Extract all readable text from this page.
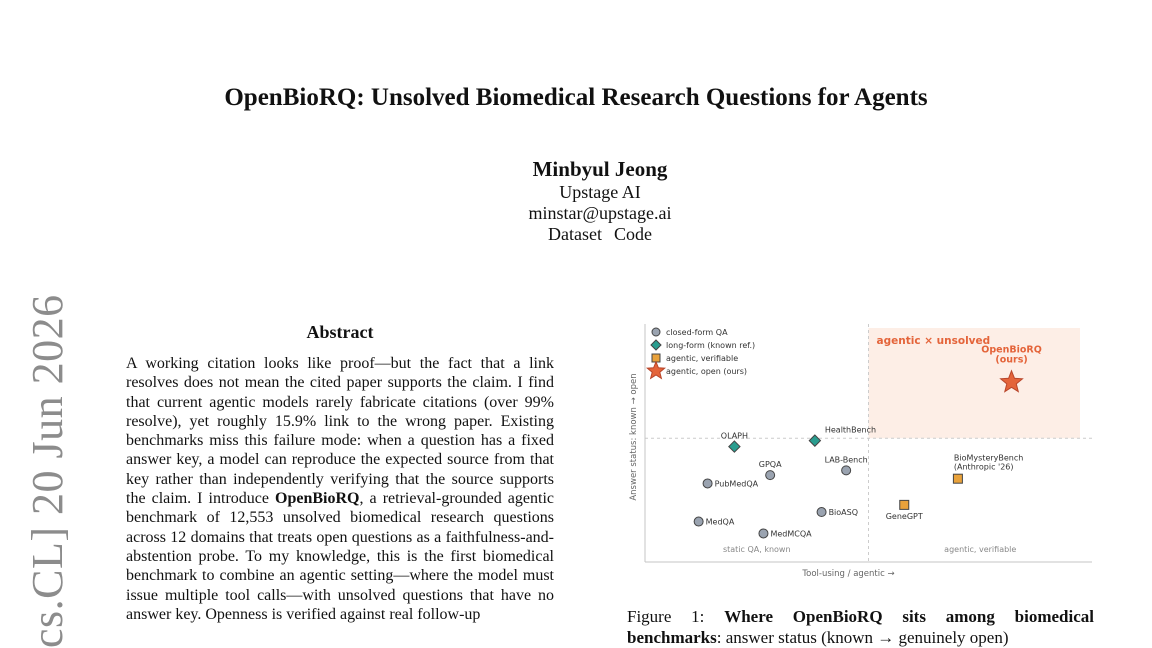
OpenBioRQ: Unsolved Biomedical Research Questions for Agents
Minbyul Jeong
Upstage AI
minstar@upstage.ai
Dataset Code
cs.CL] 20 Jun 2026	Abstract

A working citation looks like proof—but the fact that a link resolves does not mean the cited paper supports the claim. I find that current agentic models rarely fabricate citations (over 99% resolve), yet roughly 15.9% link to the wrong paper. Existing benchmarks miss this failure mode: when a question has a fixed answer key, a model can reproduce the expected source from that key rather than independently verifying that the source supports the claim. I introduce OpenBioRQ, a retrieval-grounded agentic benchmark of 12,553 unsolved biomedical research questions across 12 domains that treats open questions as a faithfulness-and-abstention probe. To my knowledge, this is the first biomedical benchmark to combine an agentic setting—where the model must issue multiple tool calls—with unsolved questions that have no answer key. Openness is verified against real follow-up

Tool-using / agentic →
Answer status: known → open
agentic × unsolved
static QA, known	agentic, verifiable
closed-form QA
long-form (known ref.)
agentic, verifiable
agentic, open (ours)
OLAPH
HealthBench
GPQA
LAB-Bench
PubMedQA
BioASQ
MedQA
MedMCQA
GeneGPT
BioMysteryBench
(Anthropic '26)
OpenBioRQ
(ours)

Figure 1: Where OpenBioRQ sits among biomedical benchmarks: answer status (known → genuinely open)
